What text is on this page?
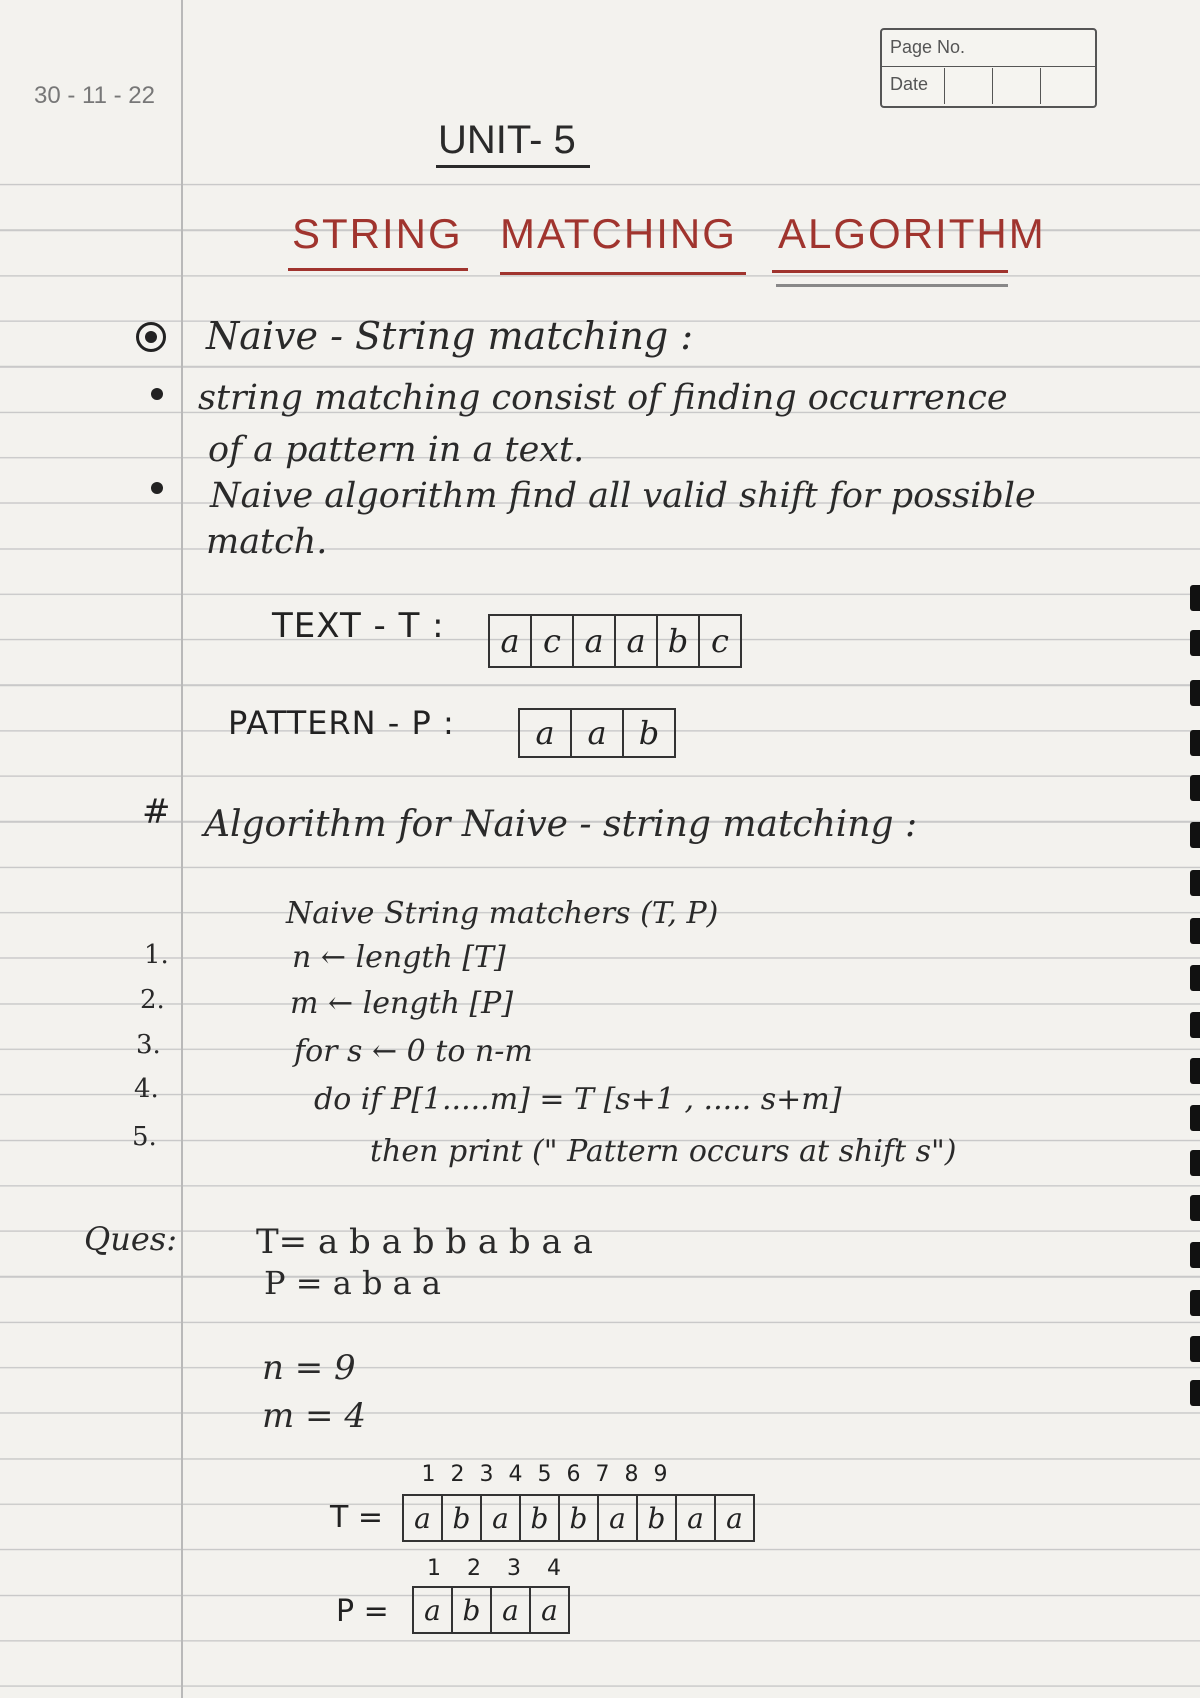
Page No.
Date
30 - 11 - 22
UNIT- 5
STRING MATCHING ALGORITHM
Naive - String matching :
string matching consist of finding occurrence
of a pattern in a text.
Naive algorithm find all valid shift for possible
match.
TEXT - T :	a c a a b c
PATTERN - P :	a	a	b
# Algorithm for Naive - string matching :
Naive String matchers (T, P)
1.
2.
3.
4.
5.
n ← length [T]
m ← length [P]
for s ← 0 to n-m
do if P[1.....m] = T [s+1 , ..... s+m]
then print (" Pattern occurs at shift s")
Ques: T= a b a b b a b a a
P = a b a a
n = 9
m = 4
1 2 3 4 5 6 7 8 9
T =	a b a b b a b a a
1	2	3	4
P =	a b a a
